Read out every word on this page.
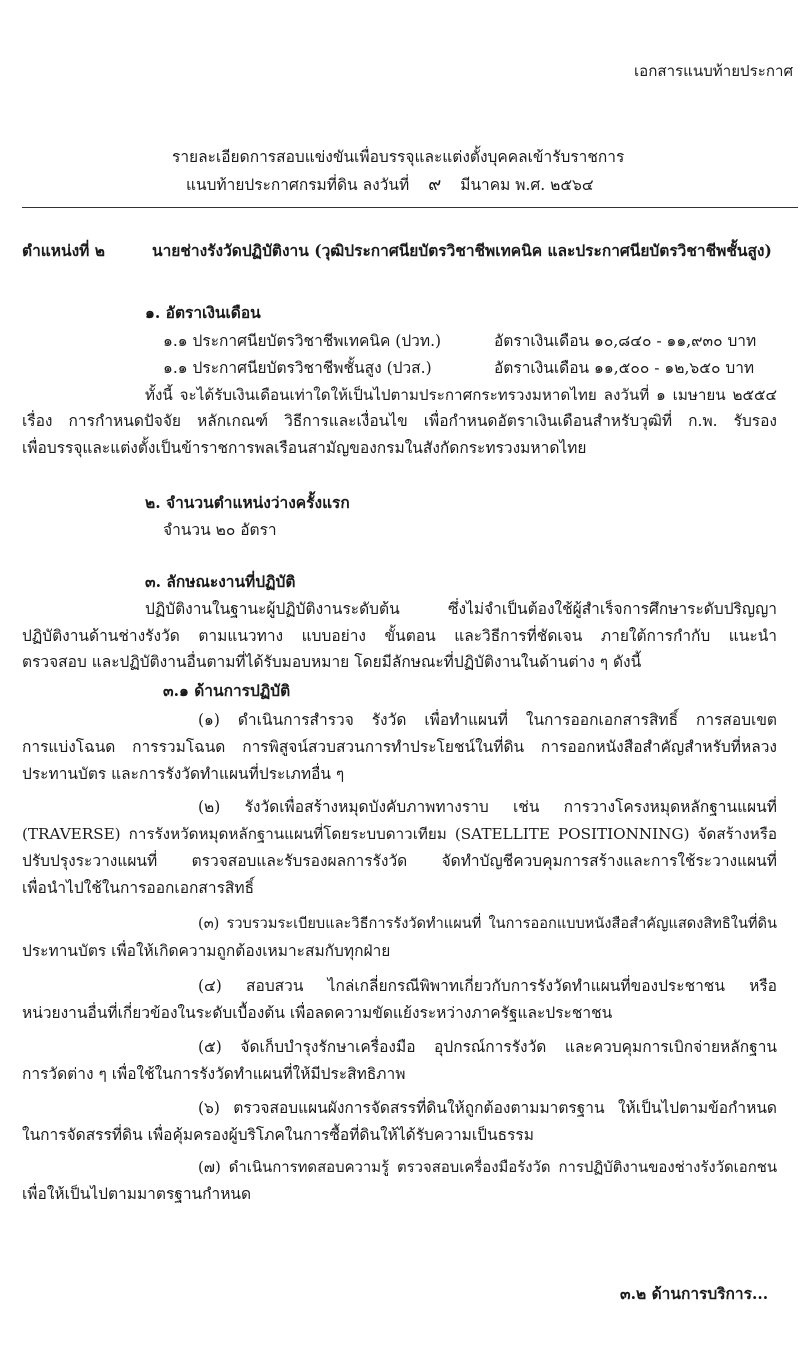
เอกสารแนบท้ายประกาศ
รายละเอียดการสอบแข่งขันเพื่อบรรจุและแต่งตั้งบุคคลเข้ารับราชการ
แนบท้ายประกาศกรมที่ดิน ลงวันที่ ๙ มีนาคม พ.ศ. ๒๕๖๔
ตำแหน่งที่ ๒	นายช่างรังวัดปฏิบัติงาน (วุฒิประกาศนียบัตรวิชาชีพเทคนิค และประกาศนียบัตรวิชาชีพชั้นสูง)
๑. อัตราเงินเดือน
๑.๑ ประกาศนียบัตรวิชาชีพเทคนิค (ปวท.)	อัตราเงินเดือน ๑๐,๘๔๐ - ๑๑,๙๓๐ บาท
๑.๑ ประกาศนียบัตรวิชาชีพชั้นสูง (ปวส.)	อัตราเงินเดือน ๑๑,๕๐๐ - ๑๒,๖๕๐ บาท
ทั้งนี้ จะได้รับเงินเดือนเท่าใดให้เป็นไปตามประกาศกระทรวงมหาดไทย ลงวันที่ ๑ เมษายน ๒๕๕๔
เรื่อง การกำหนดปัจจัย หลักเกณฑ์ วิธีการและเงื่อนไข เพื่อกำหนดอัตราเงินเดือนสำหรับวุฒิที่ ก.พ. รับรอง
เพื่อบรรจุและแต่งตั้งเป็นข้าราชการพลเรือนสามัญของกรมในสังกัดกระทรวงมหาดไทย
๒. จำนวนตำแหน่งว่างครั้งแรก
จำนวน ๒๐ อัตรา
๓. ลักษณะงานที่ปฏิบัติ
ปฏิบัติงานในฐานะผู้ปฏิบัติงานระดับต้น ซึ่งไม่จำเป็นต้องใช้ผู้สำเร็จการศึกษาระดับปริญญา
ปฏิบัติงานด้านช่างรังวัด ตามแนวทาง แบบอย่าง ขั้นตอน และวิธีการที่ชัดเจน ภายใต้การกำกับ แนะนำ
ตรวจสอบ และปฏิบัติงานอื่นตามที่ได้รับมอบหมาย โดยมีลักษณะที่ปฏิบัติงานในด้านต่าง ๆ ดังนี้
๓.๑ ด้านการปฏิบัติ
(๑) ดำเนินการสำรวจ รังวัด เพื่อทำแผนที่ ในการออกเอกสารสิทธิ์ การสอบเขต
การแบ่งโฉนด การรวมโฉนด การพิสูจน์สวบสวนการทำประโยชน์ในที่ดิน การออกหนังสือสำคัญสำหรับที่หลวง
ประทานบัตร และการรังวัดทำแผนที่ประเภทอื่น ๆ
(๒) รังวัดเพื่อสร้างหมุดบังคับภาพทางราบ เช่น การวางโครงหมุดหลักฐานแผนที่
(TRAVERSE) การรังหวัดหมุดหลักฐานแผนที่โดยระบบดาวเทียม (SATELLITE POSITIONNING) จัดสร้างหรือ
ปรับปรุงระวางแผนที่ ตรวจสอบและรับรองผลการรังวัด จัดทำบัญชีควบคุมการสร้างและการใช้ระวางแผนที่
เพื่อนำไปใช้ในการออกเอกสารสิทธิ์
(๓) รวบรวมระเบียบและวิธีการรังวัดทำแผนที่ ในการออกแบบหนังสือสำคัญแสดงสิทธิในที่ดิน
ประทานบัตร เพื่อให้เกิดความถูกต้องเหมาะสมกับทุกฝ่าย
(๔) สอบสวน ไกล่เกลี่ยกรณีพิพาทเกี่ยวกับการรังวัดทำแผนที่ของประชาชน หรือ
หน่วยงานอื่นที่เกี่ยวข้องในระดับเบื้องต้น เพื่อลดความขัดแย้งระหว่างภาครัฐและประชาชน
(๕) จัดเก็บบำรุงรักษาเครื่องมือ อุปกรณ์การรังวัด และควบคุมการเบิกจ่ายหลักฐาน
การวัดต่าง ๆ เพื่อใช้ในการรังวัดทำแผนที่ให้มีประสิทธิภาพ
(๖) ตรวจสอบแผนผังการจัดสรรที่ดินให้ถูกต้องตามมาตรฐาน ให้เป็นไปตามข้อกำหนด
ในการจัดสรรที่ดิน เพื่อคุ้มครองผู้บริโภคในการซื้อที่ดินให้ได้รับความเป็นธรรม
(๗) ดำเนินการทดสอบความรู้ ตรวจสอบเครื่องมือรังวัด การปฏิบัติงานของช่างรังวัดเอกชน
เพื่อให้เป็นไปตามมาตรฐานกำหนด
๓.๒ ด้านการบริการ...
